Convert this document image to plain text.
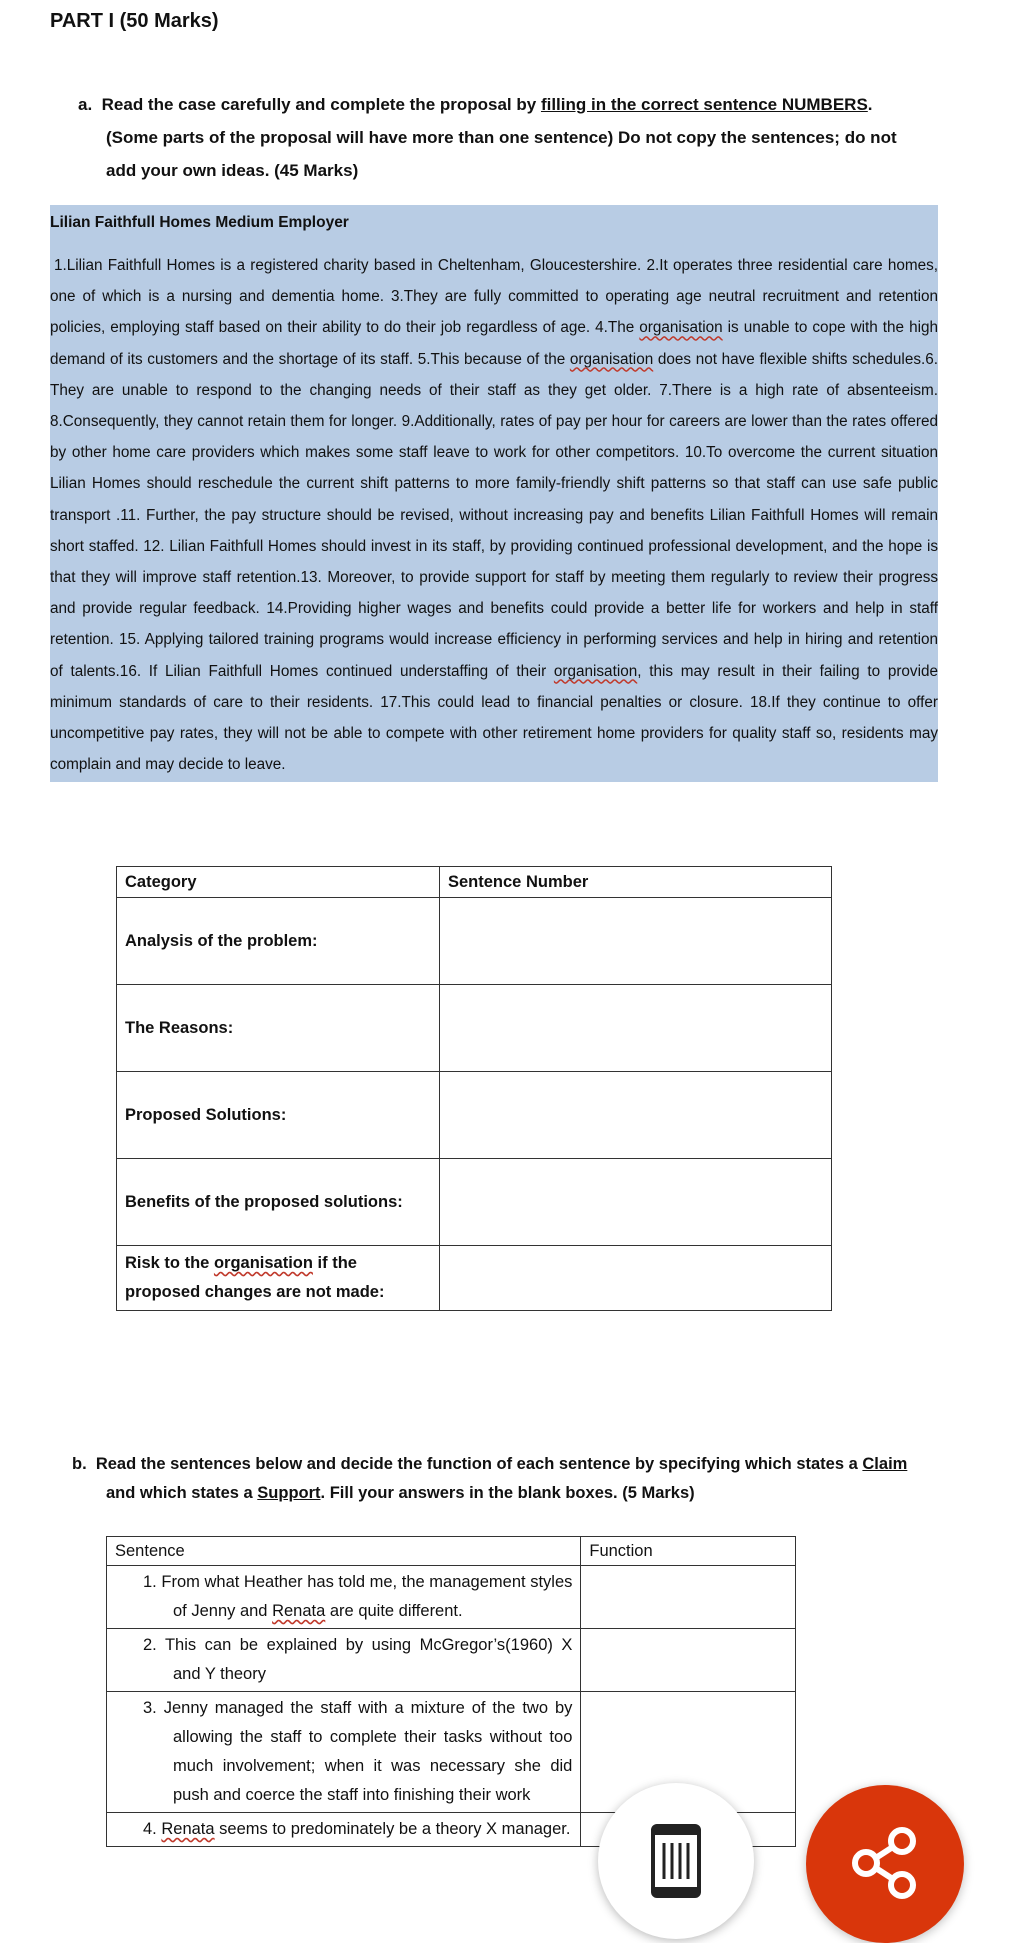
PART I (50 Marks)
a. Read the case carefully and complete the proposal by filling in the correct sentence NUMBERS. (Some parts of the proposal will have more than one sentence) Do not copy the sentences; do not add your own ideas. (45 Marks)
Lilian Faithfull Homes Medium Employer
1.Lilian Faithfull Homes is a registered charity based in Cheltenham, Gloucestershire. 2.It operates three residential care homes, one of which is a nursing and dementia home. 3.They are fully committed to operating age neutral recruitment and retention policies, employing staff based on their ability to do their job regardless of age. 4.The organisation is unable to cope with the high demand of its customers and the shortage of its staff. 5.This because of the organisation does not have flexible shifts schedules.6. They are unable to respond to the changing needs of their staff as they get older. 7.There is a high rate of absenteeism. 8.Consequently, they cannot retain them for longer. 9.Additionally, rates of pay per hour for careers are lower than the rates offered by other home care providers which makes some staff leave to work for other competitors. 10.To overcome the current situation Lilian Homes should reschedule the current shift patterns to more family-friendly shift patterns so that staff can use safe public transport .11. Further, the pay structure should be revised, without increasing pay and benefits Lilian Faithfull Homes will remain short staffed. 12. Lilian Faithfull Homes should invest in its staff, by providing continued professional development, and the hope is that they will improve staff retention.13. Moreover, to provide support for staff by meeting them regularly to review their progress and provide regular feedback. 14.Providing higher wages and benefits could provide a better life for workers and help in staff retention. 15. Applying tailored training programs would increase efficiency in performing services and help in hiring and retention of talents.16. If Lilian Faithfull Homes continued understaffing of their organisation, this may result in their failing to provide minimum standards of care to their residents. 17.This could lead to financial penalties or closure. 18.If they continue to offer uncompetitive pay rates, they will not be able to compete with other retirement home providers for quality staff so, residents may complain and may decide to leave.
Category	Sentence Number
Analysis of the problem:	
The Reasons:	
Proposed Solutions:	
Benefits of the proposed solutions:	
Risk to the organisation if the proposed changes are not made:	
b. Read the sentences below and decide the function of each sentence by specifying which states a Claim and which states a Support. Fill your answers in the blank boxes. (5 Marks)
Sentence	Function

1. From what Heather has told me, the management styles of Jenny and Renata are quite different.	

2. This can be explained by using McGregor’s(1960) X and Y theory	

3. Jenny managed the staff with a mixture of the two by allowing the staff to complete their tasks without too much involvement; when it was necessary she did push and coerce the staff into finishing their work	

4. Renata seems to predominately be a theory X manager.	
